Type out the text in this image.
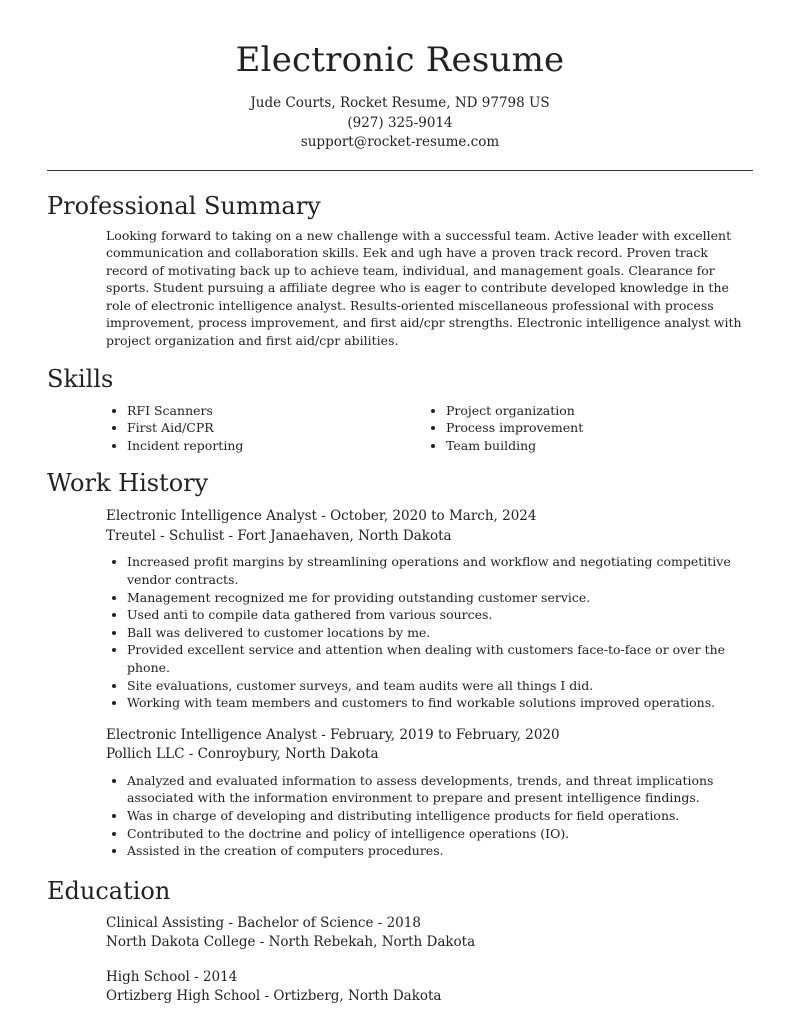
Electronic Resume
Jude Courts, Rocket Resume, ND 97798 US
(927) 325-9014
support@rocket-resume.com
Professional Summary

Looking forward to taking on a new challenge with a successful team. Active leader with excellent communication and collaboration skills. Eek and ugh have a proven track record. Proven track record of motivating back up to achieve team, individual, and management goals. Clearance for sports. Student pursuing a affiliate degree who is eager to contribute developed knowledge in the role of electronic intelligence analyst. Results-oriented miscellaneous professional with process improvement, process improvement, and first aid/cpr strengths. Electronic intelligence analyst with project organization and first aid/cpr abilities.

Skills
• RFI Scanners
• First Aid/CPR
• Incident reporting
• Project organization
• Process improvement
• Team building
Work History
Electronic Intelligence Analyst - October, 2020 to March, 2024
Treutel - Schulist - Fort Janaehaven, North Dakota
• Increased profit margins by streamlining operations and workflow and negotiating competitive vendor contracts.
• Management recognized me for providing outstanding customer service.
• Used anti to compile data gathered from various sources.
• Ball was delivered to customer locations by me.
• Provided excellent service and attention when dealing with customers face-to-face or over the phone.
• Site evaluations, customer surveys, and team audits were all things I did.
• Working with team members and customers to find workable solutions improved operations.
Electronic Intelligence Analyst - February, 2019 to February, 2020
Pollich LLC - Conroybury, North Dakota
• Analyzed and evaluated information to assess developments, trends, and threat implications associated with the information environment to prepare and present intelligence findings.
• Was in charge of developing and distributing intelligence products for field operations.
• Contributed to the doctrine and policy of intelligence operations (IO).
• Assisted in the creation of computers procedures.
Education
Clinical Assisting - Bachelor of Science - 2018
North Dakota College - North Rebekah, North Dakota
High School - 2014
Ortizberg High School - Ortizberg, North Dakota
